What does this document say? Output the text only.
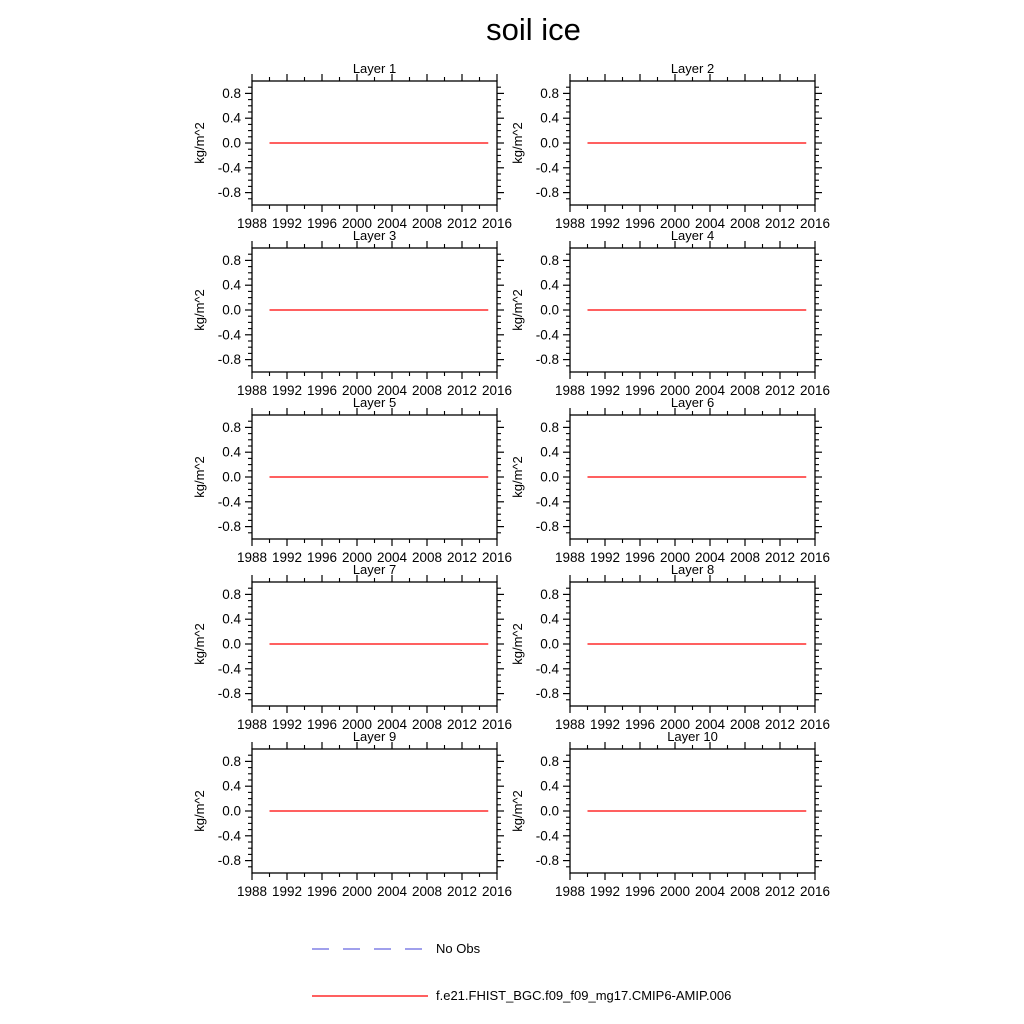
soil ice
1988 1992 1996 2000 2004 2008 2012 2016
0.8
0.4
0.0
-0.4
-0.8
kg/m^2
Layer 1
1988 1992 1996 2000 2004 2008 2012 2016
0.8
0.4
0.0
-0.4
-0.8
kg/m^2
Layer 2
1988 1992 1996 2000 2004 2008 2012 2016
0.8
0.4
0.0
-0.4
-0.8
kg/m^2
Layer 3
1988 1992 1996 2000 2004 2008 2012 2016
0.8
0.4
0.0
-0.4
-0.8
kg/m^2
Layer 4
1988 1992 1996 2000 2004 2008 2012 2016
0.8
0.4
0.0
-0.4
-0.8
kg/m^2
Layer 5
1988 1992 1996 2000 2004 2008 2012 2016
0.8
0.4
0.0
-0.4
-0.8
kg/m^2
Layer 6
1988 1992 1996 2000 2004 2008 2012 2016
0.8
0.4
0.0
-0.4
-0.8
kg/m^2
Layer 7
1988 1992 1996 2000 2004 2008 2012 2016
0.8
0.4
0.0
-0.4
-0.8
kg/m^2
Layer 8
1988 1992 1996 2000 2004 2008 2012 2016
0.8
0.4
0.0
-0.4
-0.8
kg/m^2
Layer 9
1988 1992 1996 2000 2004 2008 2012 2016
0.8
0.4
0.0
-0.4
-0.8
kg/m^2
Layer 10
No Obs
f.e21.FHIST_BGC.f09_f09_mg17.CMIP6-AMIP.006
